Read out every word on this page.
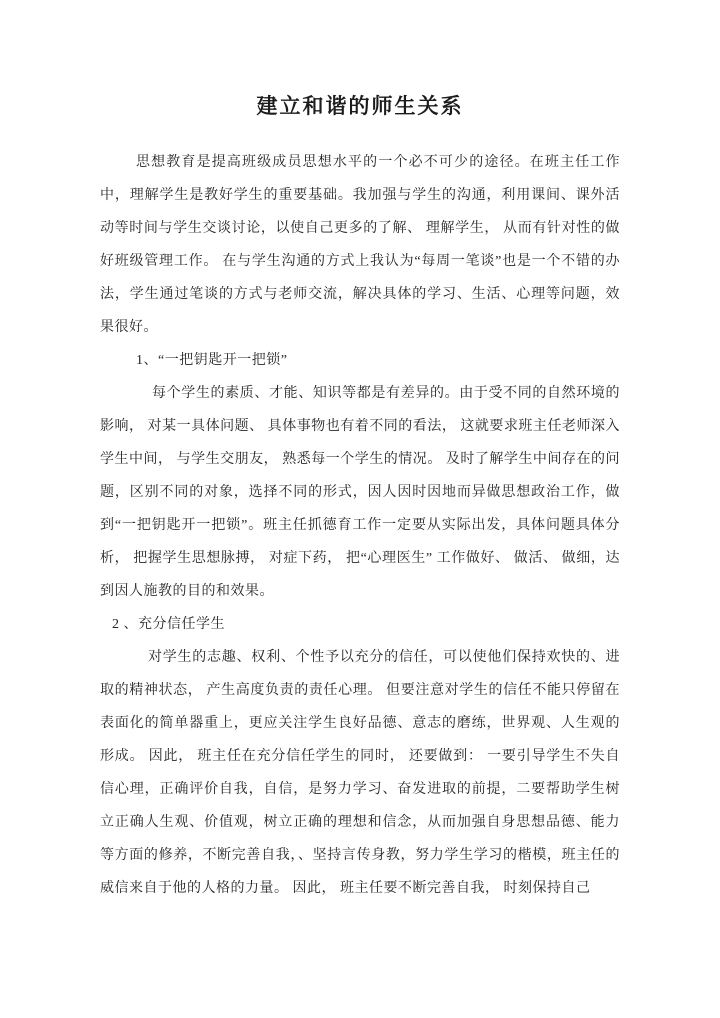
建立和谐的师生关系

思想教育是提高班级成员思想水平的一个必不可少的途径。在班主任工作中，理解学生是教好学生的重要基础。我加强与学生的沟通，利用课间、课外活动等时间与学生交谈讨论，以使自己更多的了解、 理解学生， 从而有针对性的做好班级管理工作。 在与学生沟通的方式上我认为“每周一笔谈”也是一个不错的办法，学生通过笔谈的方式与老师交流，解决具体的学习、生活、心理等问题，效果很好。

1、“一把钥匙开一把锁”

每个学生的素质、才能、知识等都是有差异的。由于受不同的自然环境的影响， 对某一具体问题、 具体事物也有着不同的看法， 这就要求班主任老师深入学生中间， 与学生交朋友， 熟悉每一个学生的情况。 及时了解学生中间存在的问题，区别不同的对象，选择不同的形式，因人因时因地而异做思想政治工作，做到“一把钥匙开一把锁”。班主任抓德育工作一定要从实际出发，具体问题具体分析， 把握学生思想脉搏， 对症下药， 把“心理医生” 工作做好、 做活、 做细，达到因人施教的目的和效果。

2 、充分信任学生

对学生的志趣、权利、个性予以充分的信任，可以使他们保持欢快的、进取的精神状态， 产生高度负责的责任心理。 但要注意对学生的信任不能只停留在表面化的简单器重上，更应关注学生良好品德、意志的磨练，世界观、人生观的形成。 因此， 班主任在充分信任学生的同时， 还要做到： 一要引导学生不失自信心理，正确评价自我，自信，是努力学习、奋发进取的前提，二要帮助学生树立正确人生观、价值观，树立正确的理想和信念，从而加强自身思想品德、能力等方面的修养，不断完善自我，、坚持言传身教，努力学生学习的楷模，班主任的威信来自于他的人格的力量。 因此， 班主任要不断完善自我， 时刻保持自己
